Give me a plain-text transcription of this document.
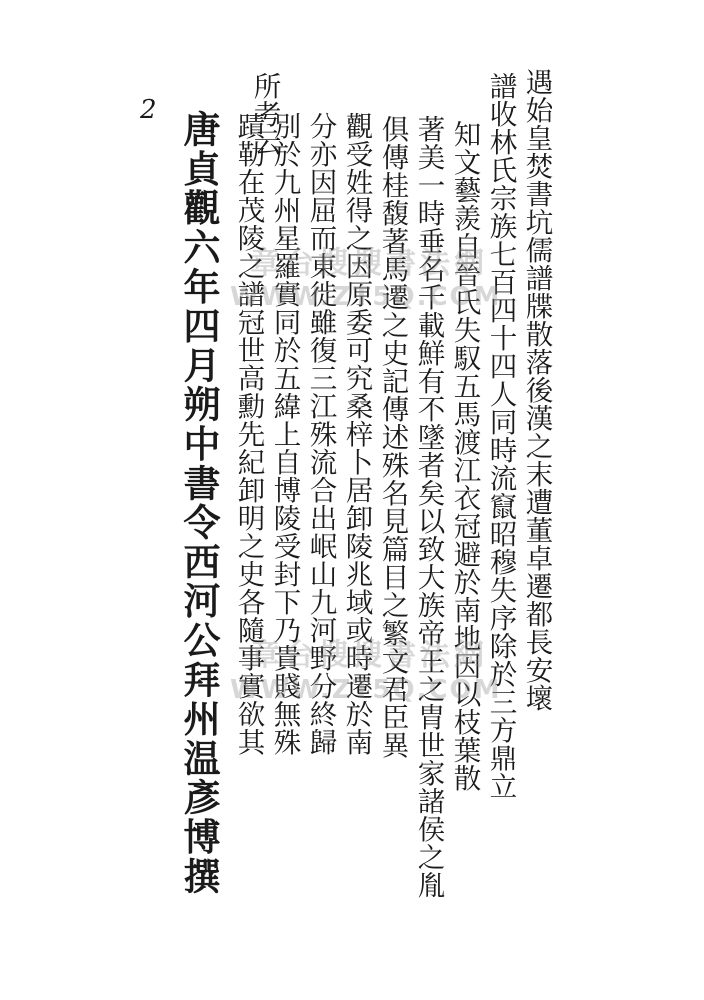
2	遇始皇焚書坑儒譜牒散落後漢之末遭董卓遷都長安壞
譜收林氏宗族七百四十四人同時流竄昭穆失序除於三方鼎立
知文藝羨自晉氏失馭五馬渡江衣冠避於南地因以枝葉散
著美一時垂名千載鮮有不墜者矣以致大族帝王之胄世家諸侯之胤
俱傳桂馥著馬遷之史記傳述殊名見篇目之繁文君臣異
觀受姓得之因原委可究桑梓卜居卸陵兆域或時遷於南
分亦因屈而東徙雖復三江殊流合出岷山九河野分終歸
別於九州星羅實同於五緯上自博陵受封下乃貴賤無殊
蹟勒在茂陵之譜冠世高勳先紀卸明之史各隨事實欲其
所考云
唐貞觀六年四月朔中書令西河公拜州温彥博撰 章台搜搜書法網
WWW.ZT5Q.COM
章台搜搜書法網
WWW.ZT5Q.COM
